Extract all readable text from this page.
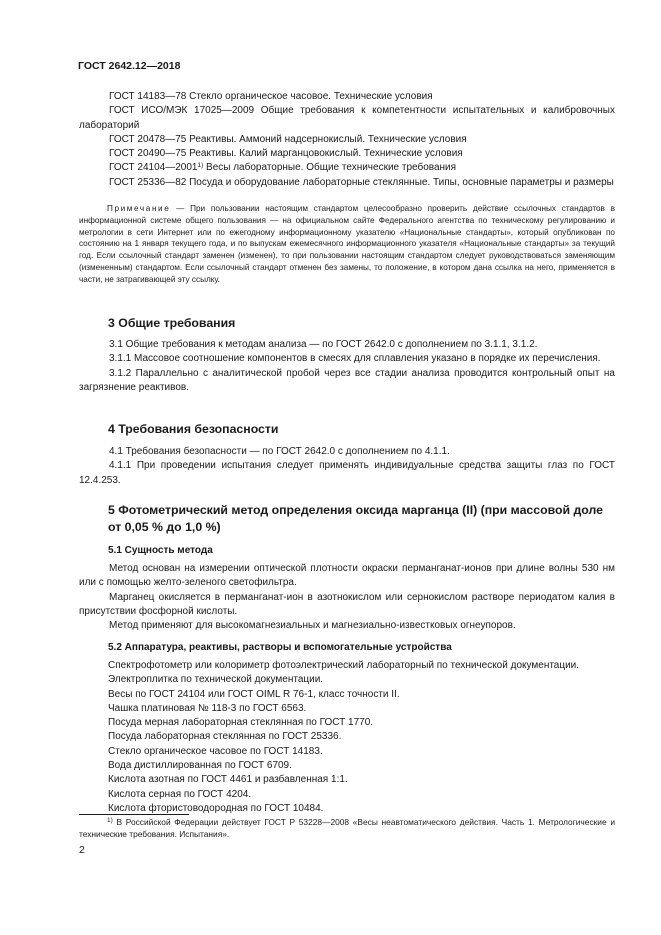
ГОСТ 2642.12—2018

ГОСТ 14183—78 Стекло органическое часовое. Технические условия

ГОСТ ИСО/МЭК 17025—2009 Общие требования к компетентности испытательных и калибровочных лабораторий

ГОСТ 20478—75 Реактивы. Аммоний надсернокислый. Технические условия

ГОСТ 20490—75 Реактивы. Калий марганцовокислый. Технические условия

ГОСТ 24104—2001$^{1)}$ Весы лабораторные. Общие технические требования

ГОСТ 25336—82 Посуда и оборудование лабораторные стеклянные. Типы, основные параметры и размеры

Примечание — При пользовании настоящим стандартом целесообразно проверить действие ссылочных стандартов в информационной системе общего пользования — на официальном сайте Федерального агентства по техническому регулированию и метрологии в сети Интернет или по ежегодному информационному указателю «Национальные стандарты», который опубликован по состоянию на 1 января текущего года, и по выпускам ежемесячного информационного указателя «Национальные стандарты» за текущий год. Если ссылочный стандарт заменен (изменен), то при пользовании настоящим стандартом следует руководствоваться заменяющим (измененным) стандартом. Если ссылочный стандарт отменен без замены, то положение, в котором дана ссылка на него, применяется в части, не затрагивающей эту ссылку.

3 Общие требования

3.1 Общие требования к методам анализа — по ГОСТ 2642.0 с дополнением по 3.1.1, 3.1.2.

3.1.1 Массовое соотношение компонентов в смесях для сплавления указано в порядке их перечисления.

3.1.2 Параллельно с аналитической пробой через все стадии анализа проводится контрольный опыт на загрязнение реактивов.

4 Требования безопасности

4.1 Требования безопасности — по ГОСТ 2642.0 с дополнением по 4.1.1.

4.1.1 При проведении испытания следует применять индивидуальные средства защиты глаз по ГОСТ 12.4.253.

5 Фотометрический метод определения оксида марганца (II) (при массовой доле от 0,05 % до 1,0 %)
5.1 Сущность метода

Метод основан на измерении оптической плотности окраски перманганат-ионов при длине волны 530 нм или с помощью желто-зеленого светофильтра.

Марганец окисляется в перманганат-ион в азотнокислом или сернокислом растворе периодатом калия в присутствии фосфорной кислоты.

Метод применяют для высокомагнезиальных и магнезиально-известковых огнеупоров.

5.2 Аппаратура, реактивы, растворы и вспомогательные устройства

Спектрофотометр или колориметр фотоэлектрический лабораторный по технической документации.

Электроплитка по технической документации.

Весы по ГОСТ 24104 или ГОСТ OIML R 76-1, класс точности II.

Чашка платиновая № 118-3 по ГОСТ 6563.

Посуда мерная лабораторная стеклянная по ГОСТ 1770.

Посуда лабораторная стеклянная по ГОСТ 25336.

Стекло органическое часовое по ГОСТ 14183.

Вода дистиллированная по ГОСТ 6709.

Кислота азотная по ГОСТ 4461 и разбавленная 1:1.

Кислота серная по ГОСТ 4204.

Кислота фтористоводородная по ГОСТ 10484.

$^{1)}$ В Российской Федерации действует ГОСТ Р 53228—2008 «Весы неавтоматического действия. Часть 1. Метрологические и технические требования. Испытания».

2
